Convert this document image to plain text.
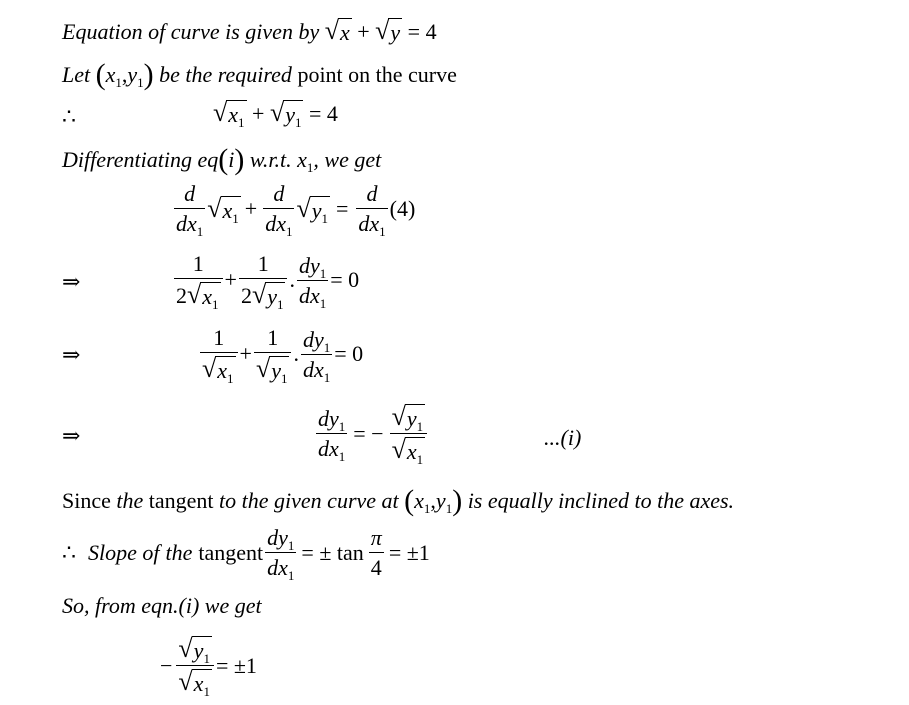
Equation of curve is given by √ x + √ y = 4
Let $(x_1,y_1)$ be the required point on the curve
∴	√ $x_1$ + √ $y_1 = 4$
Differentiating eq(i) w.r.t. $x_1$, we get
$\frac{d}{dx_1}$ √ $x_1 + \frac{d}{dx_1}$ √ $y_1 = \frac{d}{dx_1} (4)$
⇒	$\frac{1}{2 √ x_1} + \frac{1}{2 √ y_1}$ . $\frac{dy_1}{dx_1} = 0$
⇒	$\frac{1}{√ x_1} + \frac{1}{√ y_1}$ . $\frac{dy_1}{dx_1} = 0$
⇒	$\frac{dy_1}{dx_1}$ = − $\frac{√ y_1}{√ x_1}$	...(i)
Since the tangent to the given curve at $(x_1,y_1)$ is equally inclined to the axes.
∴ Slope of the tangent $\frac{dy_1}{dx_1}$ = ± $\tan \frac{\pi}{4} = \pm 1$
So, from eqn.(i) we get
− $\frac{√ y_1}{√ x_1} = \pm 1$
